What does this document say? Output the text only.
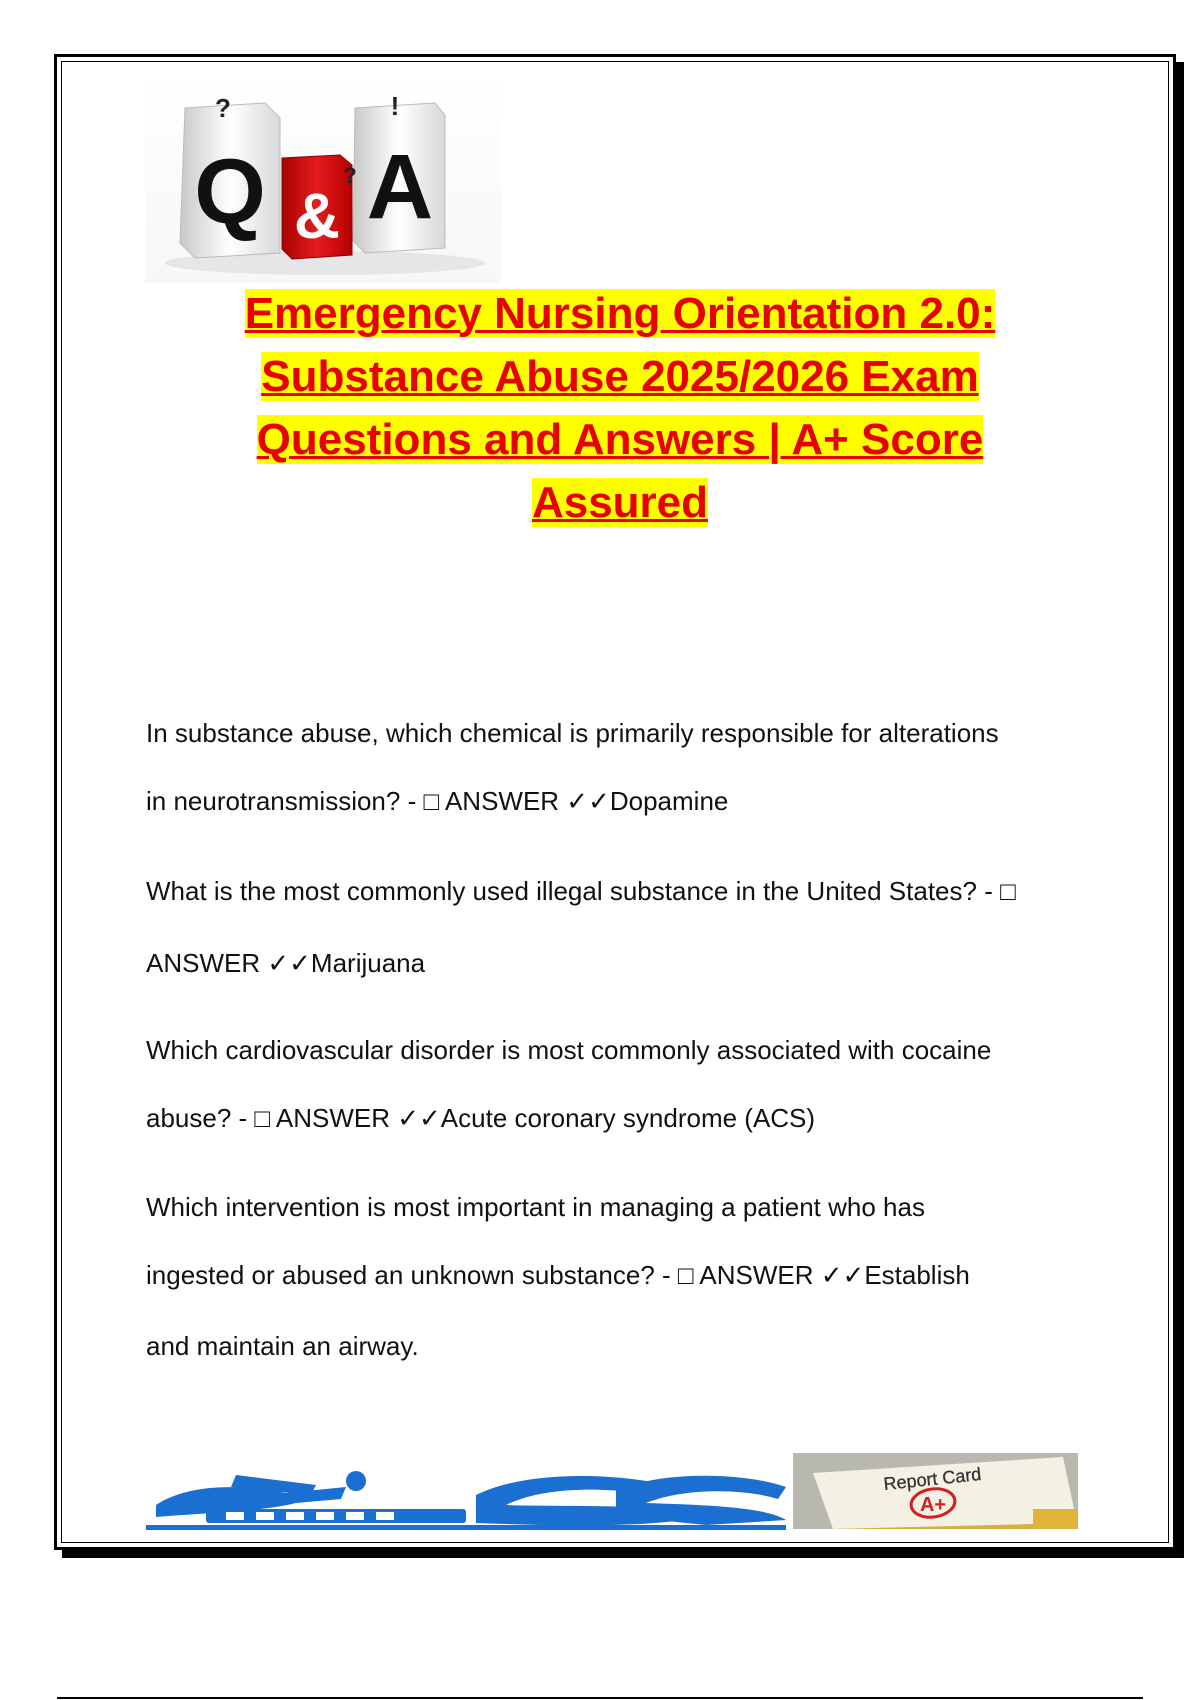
Q
?
& A
!
?
Emergency Nursing Orientation 2.0:
Substance Abuse 2025/2026 Exam
Questions and Answers | A+ Score
Assured
In substance abuse, which chemical is primarily responsible for alterations
in neurotransmission? - □ ANSWER ✓✓Dopamine
What is the most commonly used illegal substance in the United States? - □
ANSWER ✓✓Marijuana
Which cardiovascular disorder is most commonly associated with cocaine
abuse? - □ ANSWER ✓✓Acute coronary syndrome (ACS)
Which intervention is most important in managing a patient who has
ingested or abused an unknown substance? - □ ANSWER ✓✓Establish
and maintain an airway.
Report Card
A+
